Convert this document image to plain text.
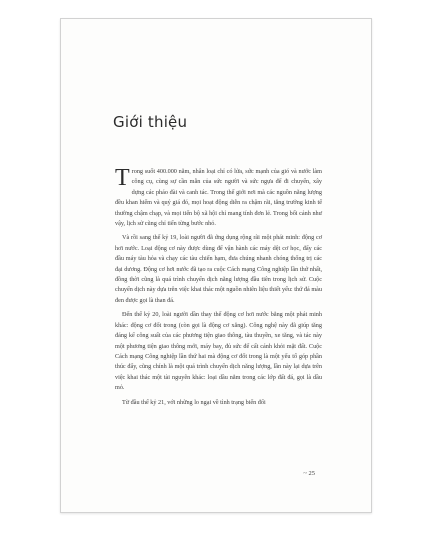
Giới thiệu

Trong suốt 400.000 năm, nhân loại chỉ có lửa, sức mạnh của gió và nước làm công cụ, cùng sự cần mẫn của sức người và sức ngựa để đi chuyển, xây dựng các pháo đài và canh tác. Trong thế giới nơi mà các nguồn năng lượng đều khan hiếm và quý giá đó, mọi hoạt động diễn ra chậm rãi, tăng trưởng kinh tế thường chậm chạp, và mọi tiến bộ xã hội chỉ mang tính đơn lẻ. Trong bối cảnh như vậy, lịch sử cũng chỉ tiến từng bước nhỏ.

Và rồi sang thế kỷ 19, loài người đã ứng dụng rộng rãi một phát minh: động cơ hơi nước. Loại động cơ này được dùng để vận hành các máy dệt cơ học, đẩy các đầu máy tàu hỏa và chạy các tàu chiến hạm, đưa chúng nhanh chóng thống trị các đại dương. Động cơ hơi nước đã tạo ra cuộc Cách mạng Công nghiệp lần thứ nhất, đồng thời cũng là quá trình chuyển dịch năng lượng đầu tiên trong lịch sử. Cuộc chuyển dịch này dựa trên việc khai thác một nguồn nhiên liệu thiết yếu: thứ đá màu đen được gọi là than đá.

Đến thế kỷ 20, loài người dần thay thế động cơ hơi nước bằng một phát minh khác: động cơ đốt trong (còn gọi là động cơ xăng). Công nghệ này đã giúp tăng đáng kể công suất của các phương tiện giao thông, tàu thuyền, xe tăng, và tác này một phương tiện giao thông mới, máy bay, đủ sức để cất cánh khỏi mặt đất. Cuộc Cách mạng Công nghiệp lần thứ hai mà động cơ đốt trong là một yếu tố góp phần thúc đẩy, cũng chính là một quá trình chuyển dịch năng lượng, lần này lại dựa trên việc khai thác một tài nguyên khác: loại dầu nằm trong các lớp đất đá, gọi là dầu mỏ.

Từ đầu thế kỷ 21, với những lo ngại về tình trạng biến đổi

~ 25
